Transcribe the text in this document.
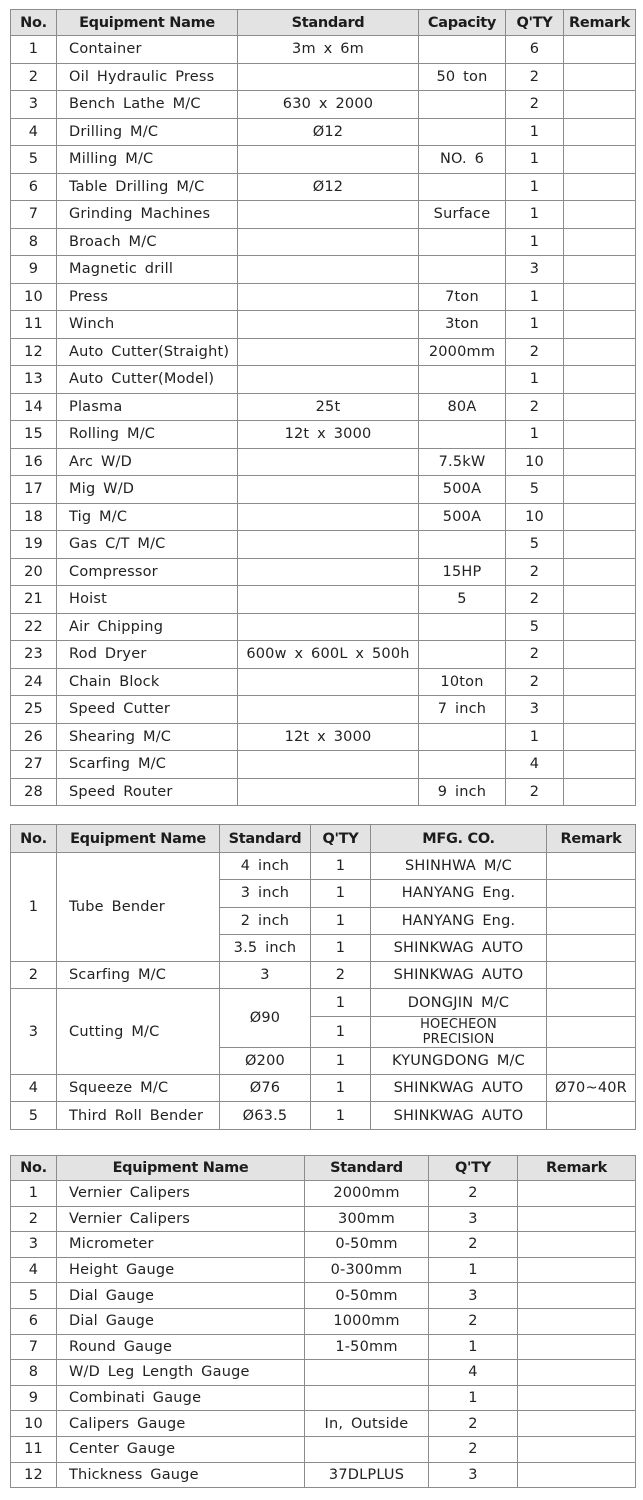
No.	Equipment Name	Standard	Capacity	Q'TY	Remark
1	Container	3m x 6m		6	
2	Oil Hydraulic Press		50 ton	2	
3	Bench Lathe M/C	630 x 2000		2	
4	Drilling M/C	Ø12		1	
5	Milling M/C		NO. 6	1	
6	Table Drilling M/C	Ø12		1	
7	Grinding Machines		Surface	1	
8	Broach M/C			1	
9	Magnetic drill			3	
10	Press		7ton	1	
11	Winch		3ton	1	
12	Auto Cutter(Straight)		2000mm	2	
13	Auto Cutter(Model)			1	
14	Plasma	25t	80A	2	
15	Rolling M/C	12t x 3000		1	
16	Arc W/D		7.5kW	10	
17	Mig W/D		500A	5	
18	Tig M/C		500A	10	
19	Gas C/T M/C			5	
20	Compressor		15HP	2	
21	Hoist		5	2	
22	Air Chipping			5	
23	Rod Dryer	600w x 600L x 500h		2	
24	Chain Block		10ton	2	
25	Speed Cutter		7 inch	3	
26	Shearing M/C	12t x 3000		1	
27	Scarfing M/C			4	
28	Speed Router		9 inch	2	
No.	Equipment Name	Standard	Q'TY	MFG. CO.	Remark
1	Tube Bender	4 inch	1	SHINHWA M/C	
		3 inch	1	HANYANG Eng.	
		2 inch	1	HANYANG Eng.	
		3.5 inch	1	SHINKWAG AUTO	
2	Scarfing M/C	3	2	SHINKWAG AUTO	
3	Cutting M/C	Ø90	1	DONGJIN M/C	
			1	HOECHEON PRECISION	
		Ø200	1	KYUNGDONG M/C	
4	Squeeze M/C	Ø76	1	SHINKWAG AUTO	Ø70~40R
5	Third Roll Bender	Ø63.5	1	SHINKWAG AUTO	
No.	Equipment Name	Standard	Q'TY	Remark
1	Vernier Calipers	2000mm	2	
2	Vernier Calipers	300mm	3	
3	Micrometer	0-50mm	2	
4	Height Gauge	0-300mm	1	
5	Dial Gauge	0-50mm	3	
6	Dial Gauge	1000mm	2	
7	Round Gauge	1-50mm	1	
8	W/D Leg Length Gauge		4	
9	Combinati Gauge		1	
10	Calipers Gauge	In, Outside	2	
11	Center Gauge		2	
12	Thickness Gauge	37DLPLUS	3	
